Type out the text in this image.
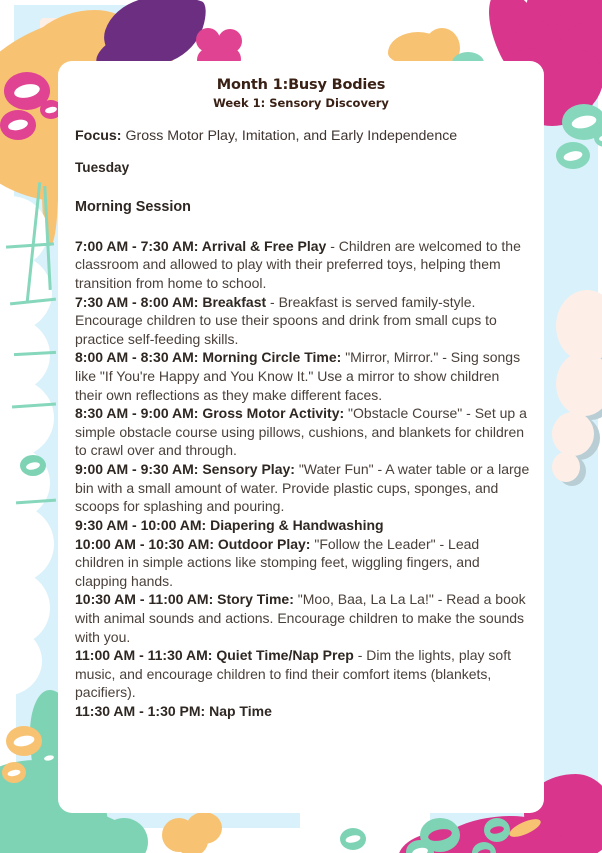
Month 1:Busy Bodies
Week 1: Sensory Discovery

Focus: Gross Motor Play, Imitation, and Early Independence

Tuesday

Morning Session

7:00 AM - 7:30 AM: Arrival & Free Play - Children are welcomed to the classroom and allowed to play with their preferred toys, helping them transition from home to school.

7:30 AM - 8:00 AM: Breakfast - Breakfast is served family-style. Encourage children to use their spoons and drink from small cups to practice self-feeding skills.

8:00 AM - 8:30 AM: Morning Circle Time: "Mirror, Mirror." - Sing songs like "If You're Happy and You Know It." Use a mirror to show children their own reflections as they make different faces.

8:30 AM - 9:00 AM: Gross Motor Activity: "Obstacle Course" - Set up a simple obstacle course using pillows, cushions, and blankets for children to crawl over and through.

9:00 AM - 9:30 AM: Sensory Play: "Water Fun" - A water table or a large bin with a small amount of water. Provide plastic cups, sponges, and scoops for splashing and pouring.

9:30 AM - 10:00 AM: Diapering & Handwashing

10:00 AM - 10:30 AM: Outdoor Play: "Follow the Leader" - Lead children in simple actions like stomping feet, wiggling fingers, and clapping hands.

10:30 AM - 11:00 AM: Story Time: "Moo, Baa, La La La!" - Read a book with animal sounds and actions. Encourage children to make the sounds with you.

11:00 AM - 11:30 AM: Quiet Time/Nap Prep - Dim the lights, play soft music, and encourage children to find their comfort items (blankets, pacifiers).

11:30 AM - 1:30 PM: Nap Time
